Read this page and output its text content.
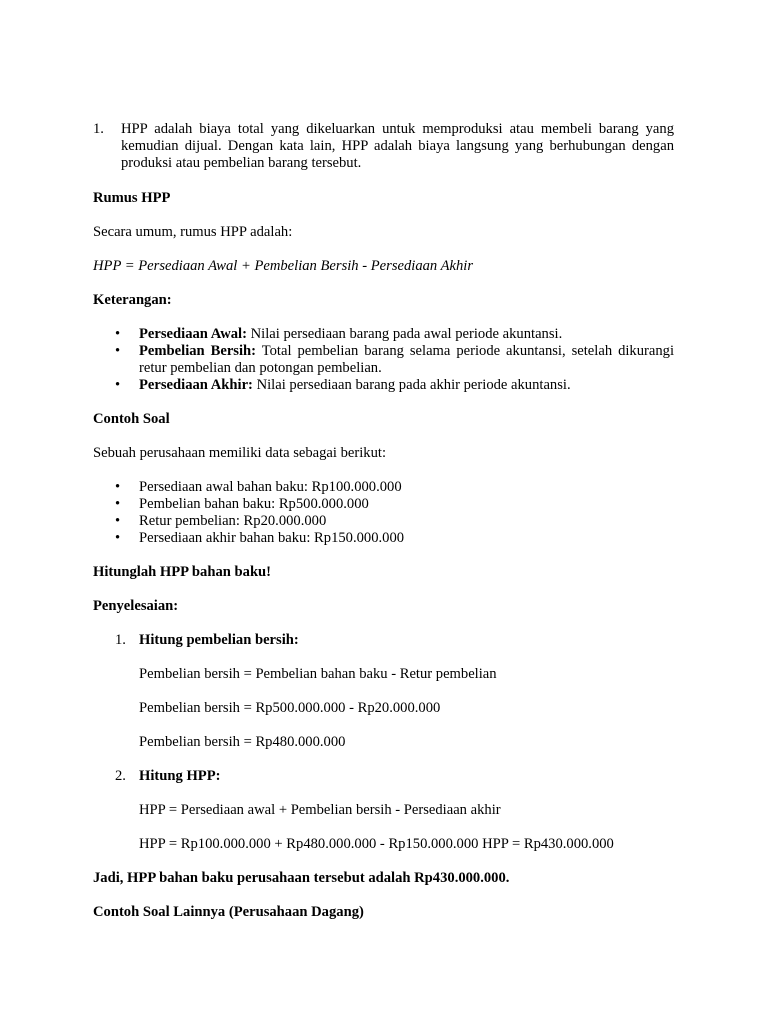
1. HPP adalah biaya total yang dikeluarkan untuk memproduksi atau membeli barang yang kemudian dijual. Dengan kata lain, HPP adalah biaya langsung yang berhubungan dengan produksi atau pembelian barang tersebut.

Rumus HPP

Secara umum, rumus HPP adalah:

HPP = Persediaan Awal + Pembelian Bersih - Persediaan Akhir

Keterangan:

• Persediaan Awal: Nilai persediaan barang pada awal periode akuntansi.
• Pembelian Bersih: Total pembelian barang selama periode akuntansi, setelah dikurangi retur pembelian dan potongan pembelian.
• Persediaan Akhir: Nilai persediaan barang pada akhir periode akuntansi.

Contoh Soal

Sebuah perusahaan memiliki data sebagai berikut:

• Persediaan awal bahan baku: Rp100.000.000
• Pembelian bahan baku: Rp500.000.000
• Retur pembelian: Rp20.000.000
• Persediaan akhir bahan baku: Rp150.000.000

Hitunglah HPP bahan baku!

Penyelesaian:

1. Hitung pembelian bersih:

Pembelian bersih = Pembelian bahan baku - Retur pembelian

Pembelian bersih = Rp500.000.000 - Rp20.000.000

Pembelian bersih = Rp480.000.000

2. Hitung HPP:

HPP = Persediaan awal + Pembelian bersih - Persediaan akhir

HPP = Rp100.000.000 + Rp480.000.000 - Rp150.000.000 HPP = Rp430.000.000

Jadi, HPP bahan baku perusahaan tersebut adalah Rp430.000.000.

Contoh Soal Lainnya (Perusahaan Dagang)
